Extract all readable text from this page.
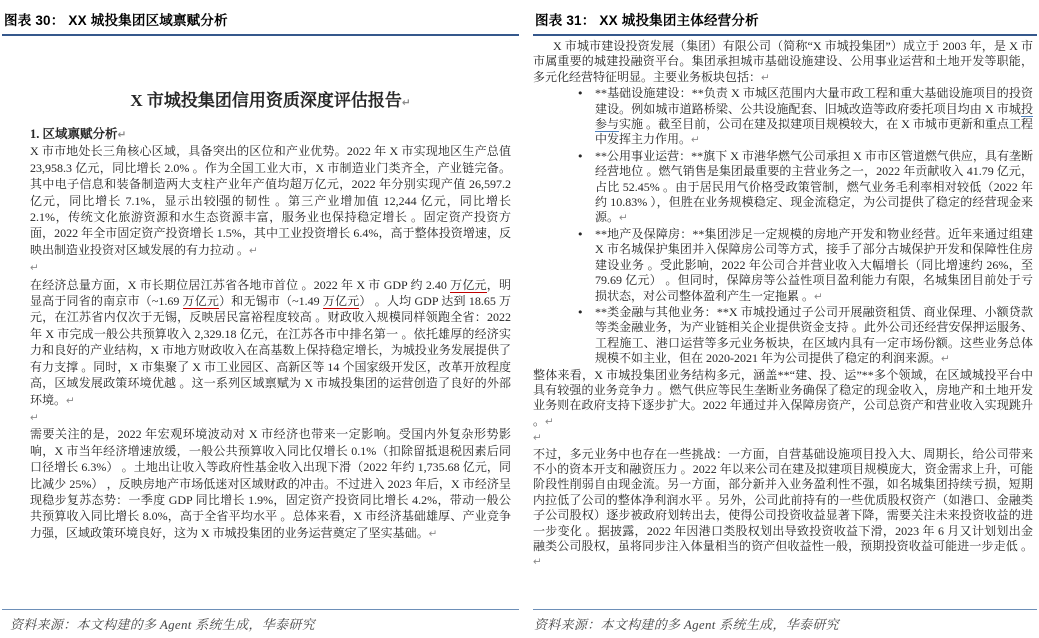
图表 30： XX 城投集团区域禀赋分析
X 市城投集团信用资质深度评估报告↵
1. 区域禀赋分析↵
X 市市地处长三角核心区域，具备突出的区位和产业优势。2022 年 X 市实现地区生产总值 23,958.3 亿元，同比增长 2.0% 。作为全国工业大市，X 市制造业门类齐全，产业链完备。其中电子信息和装备制造两大支柱产业年产值均超万亿元，2022 年分别实现产值 26,597.2 亿元，同比增长 7.1%，显示出较强的韧性 。第三产业增加值 12,244 亿元，同比增长 2.1%，传统文化旅游资源和水生态资源丰富，服务业也保持稳定增长 。固定资产投资方面，2022 年全市固定资产投资增长 1.5%，其中工业投资增长 6.4%，高于整体投资增速，反映出制造业投资对区域发展的有力拉动 。↵
↵
在经济总量方面，X 市长期位居江苏省各地市首位 。2022 年 X 市 GDP 约 2.40 万亿元，明显高于同省的南京市（~1.69 万亿元）和无锡市（~1.49 万亿元） 。人均 GDP 达到 18.65 万元，在江苏省内仅次于无锡，反映居民富裕程度较高 。财政收入规模同样领跑全省：2022 年 X 市完成一般公共预算收入 2,329.18 亿元，在江苏各市中排名第一 。依托雄厚的经济实力和良好的产业结构，X 市地方财政收入在高基数上保持稳定增长，为城投业务发展提供了有力支撑 。同时，X 市集聚了 X 市工业园区、高新区等 14 个国家级开发区，改革开放程度高，区域发展政策环境优越 。这一系列区域禀赋为 X 市城投集团的运营创造了良好的外部环境。↵
↵
需要关注的是，2022 年宏观环境波动对 X 市经济也带来一定影响。受国内外复杂形势影响，X 市当年经济增速放缓，一般公共预算收入同比仅增长 0.1%（扣除留抵退税因素后同口径增长 6.3%） 。土地出让收入等政府性基金收入出现下滑（2022 年约 1,735.68 亿元，同比减少 25%） ，反映房地产市场低迷对区域财政的冲击。不过进入 2023 年后，X 市经济呈现稳步复苏态势：一季度 GDP 同比增长 1.9%，固定资产投资同比增长 4.2%，带动一般公共预算收入同比增长 8.0%，高于全省平均水平 。总体来看，X 市经济基础雄厚、产业竞争力强，区域政策环境良好，这为 X 市城投集团的业务运营奠定了坚实基础。↵
资料来源：本文构建的多 Agent 系统生成，华泰研究
图表 31： XX 城投集团主体经营分析
X 市城市建设投资发展（集团）有限公司（简称“X 市城投集团”）成立于 2003 年，是 X 市市属重要的城建投融资平台。集团承担城市基础设施建设、公用事业运营和土地开发等职能，多元化经营特征明显。主要业务板块包括：↵
• **基础设施建设：**负责 X 市城区范围内大量市政工程和重大基础设施项目的投资建设。例如城市道路桥梁、公共设施配套、旧城改造等政府委托项目均由 X 市城投参与实施 。截至目前，公司在建及拟建项目规模较大，在 X 市城市更新和重点工程中发挥主力作用。↵
• **公用事业运营：**旗下 X 市港华燃气公司承担 X 市市区管道燃气供应，具有垄断经营地位 。燃气销售是集团最重要的主营业务之一，2022 年贡献收入 41.79 亿元，占比 52.45% 。由于居民用气价格受政策管制，燃气业务毛利率相对较低（2022 年约 10.83% ），但胜在业务规模稳定、现金流稳定，为公司提供了稳定的经营现金来源。↵
• **地产及保障房：**集团涉足一定规模的房地产开发和物业经营。近年来通过组建 X 市名城保护集团并入保障房公司等方式，接手了部分古城保护开发和保障性住房建设业务 。受此影响，2022 年公司合并营业收入大幅增长（同比增速约 26%，至 79.69 亿元） 。但同时，保障房等公益性项目盈利能力有限，名城集团目前处于亏损状态，对公司整体盈利产生一定拖累 。↵
• **类金融与其他业务：**X 市城投通过子公司开展融资租赁、商业保理、小额贷款等类金融业务，为产业链相关企业提供资金支持 。此外公司还经营安保押运服务、工程施工、港口运营等多元业务板块，在区域内具有一定市场份额。这些业务总体规模不如主业，但在 2020-2021 年为公司提供了稳定的利润来源。↵
整体来看，X 市城投集团业务结构多元，涵盖**“建、投、运”**多个领域，在区域城投平台中具有较强的业务竞争力 。燃气供应等民生垄断业务确保了稳定的现金收入，房地产和土地开发业务则在政府支持下逐步扩大。2022 年通过并入保障房资产，公司总资产和营业收入实现跳升 。↵
↵
不过，多元业务中也存在一些挑战：一方面，自营基础设施项目投入大、周期长，给公司带来不小的资本开支和融资压力 。2022 年以来公司在建及拟建项目规模庞大，资金需求上升，可能阶段性削弱自由现金流。另一方面，部分新并入业务盈利性不强，如名城集团持续亏损，短期内拉低了公司的整体净利润水平 。另外，公司此前持有的一些优质股权资产（如港口、金融类子公司股权）逐步被政府划转出去，使得公司投资收益显著下降，需要关注未来投资收益的进一步变化 。据披露，2022 年因港口类股权划出导致投资收益下滑，2023 年 6 月又计划划出金融类公司股权，虽将同步注入体量相当的资产但收益性一般，预期投资收益可能进一步走低 。↵
资料来源：本文构建的多 Agent 系统生成，华泰研究
